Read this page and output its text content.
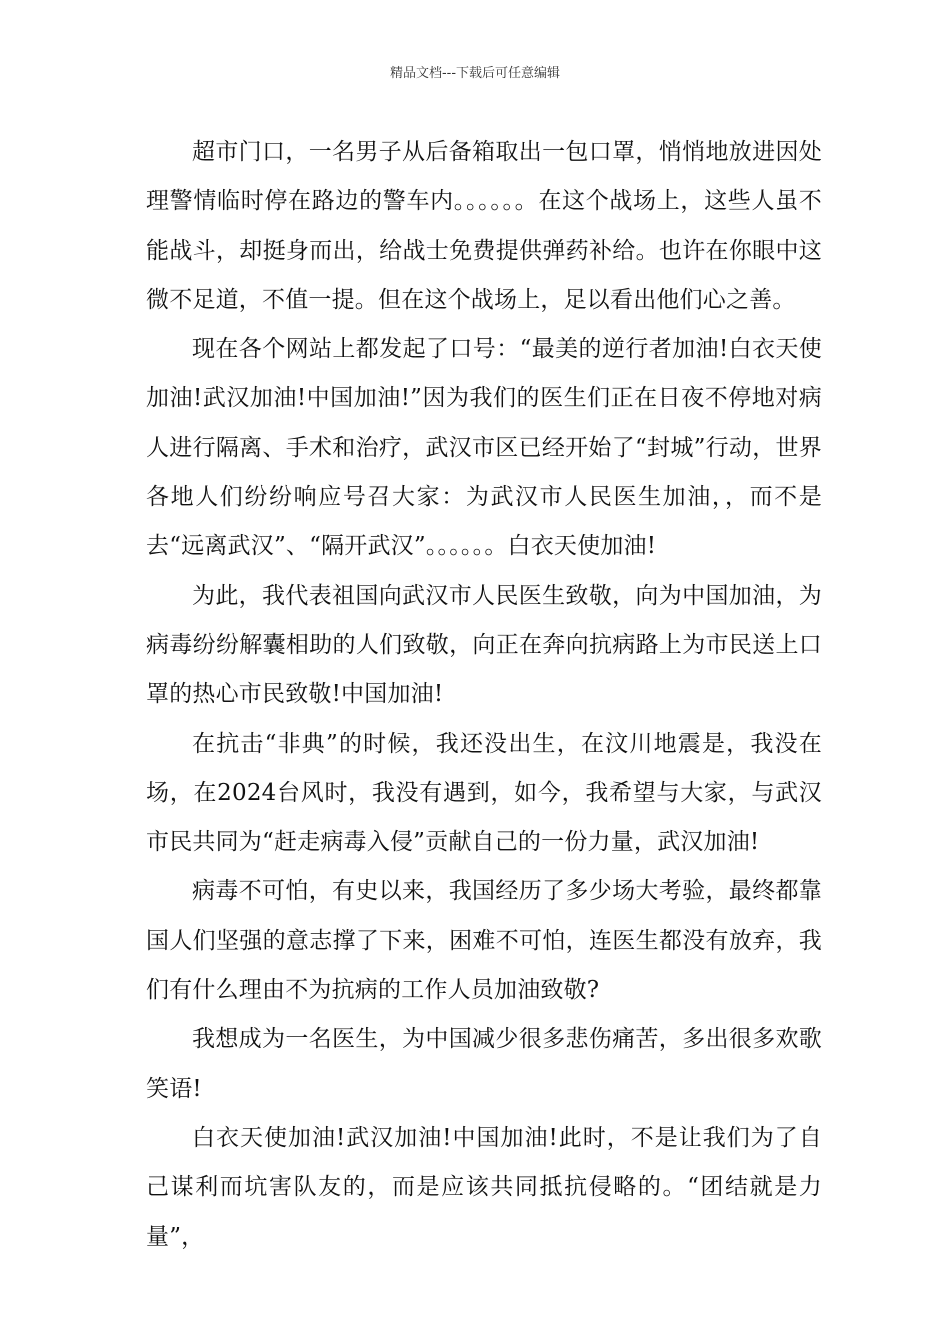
精品文档---下载后可任意编辑

超市门口，一名男子从后备箱取出一包口罩，悄悄地放进因处理警情临时停在路边的警车内。。。。。。在这个战场上，这些人虽不能战斗，却挺身而出，给战士免费提供弹药补给。也许在你眼中这微不足道，不值一提。但在这个战场上，足以看出他们心之善。

现在各个网站上都发起了口号：“最美的逆行者加油!白衣天使加油!武汉加油!中国加油!”因为我们的医生们正在日夜不停地对病人进行隔离、手术和治疗，武汉市区已经开始了“封城”行动，世界各地人们纷纷响应号召大家：为武汉市人民医生加油，，而不是去“远离武汉”、“隔开武汉”。。。。。。白衣天使加油!

为此，我代表祖国向武汉市人民医生致敬，向为中国加油，为病毒纷纷解囊相助的人们致敬，向正在奔向抗病路上为市民送上口罩的热心市民致敬!中国加油!

在抗击“非典”的时候，我还没出生，在汶川地震是，我没在场，在2024台风时，我没有遇到，如今，我希望与大家，与武汉市民共同为“赶走病毒入侵”贡献自己的一份力量，武汉加油!

病毒不可怕，有史以来，我国经历了多少场大考验，最终都靠国人们坚强的意志撑了下来，困难不可怕，连医生都没有放弃，我们有什么理由不为抗病的工作人员加油致敬?

我想成为一名医生，为中国减少很多悲伤痛苦，多出很多欢歌笑语!

白衣天使加油!武汉加油!中国加油!此时，不是让我们为了自己谋利而坑害队友的，而是应该共同抵抗侵略的。“团结就是力量”，
